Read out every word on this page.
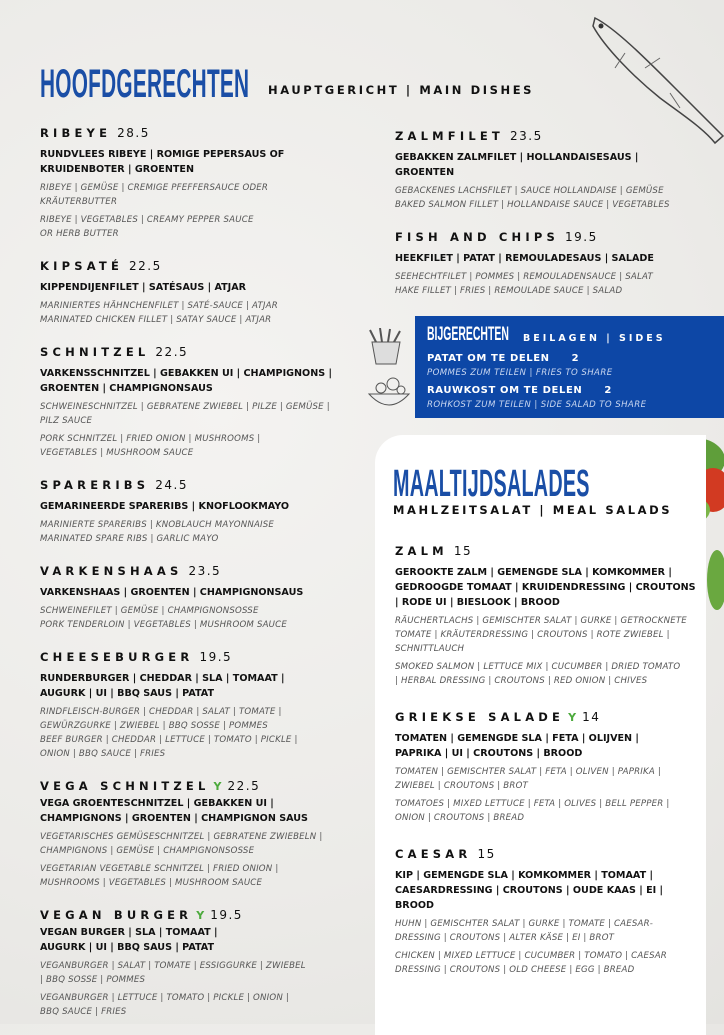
HOOFDGERECHTEN HAUPTGERICHT | MAIN DISHES
RIBEYE 28.5
RUNDVLEES RIBEYE | ROMIGE PEPERSAUS OF KRUIDENBOTER | GROENTEN
RIBEYE | GEMÜSE | CREMIGE PFEFFERSAUCE ODER KRÄUTERBUTTER
RIBEYE | VEGETABLES | CREAMY PEPPER SAUCE OR HERB BUTTER
KIPSATÉ 22.5
KIPPENDIJENFILET | SATÉSAUS | ATJAR
MARINIERTES HÄHNCHENFILET | SATÉ-SAUCE | ATJAR
MARINATED CHICKEN FILLET | SATAY SAUCE | ATJAR
SCHNITZEL 22.5
VARKENSSCHNITZEL | GEBAKKEN UI | CHAMPIGNONS | GROENTEN | CHAMPIGNONSAUS
SCHWEINESCHNITZEL | GEBRATENE ZWIEBEL | PILZE | GEMÜSE | PILZ SAUCE
PORK SCHNITZEL | FRIED ONION | MUSHROOMS | VEGETABLES | MUSHROOM SAUCE
SPARERIBS 24.5
GEMARINEERDE SPARERIBS | KNOFLOOKMAYO
MARINIERTE SPARERIBS | KNOBLAUCH MAYONNAISE
MARINATED SPARE RIBS | GARLIC MAYO
VARKENSHAAS 23.5
VARKENSHAAS | GROENTEN | CHAMPIGNONSAUS
SCHWEINEFILET | GEMÜSE | CHAMPIGNONSOSSE
PORK TENDERLOIN | VEGETABLES | MUSHROOM SAUCE
CHEESEBURGER 19.5
RUNDERBURGER | CHEDDAR | SLA | TOMAAT | AUGURK | UI | BBQ SAUS | PATAT
RINDFLEISCH-BURGER | CHEDDAR | SALAT | TOMATE | GEWÜRZGURKE | ZWIEBEL | BBQ SOSSE | POMMES
BEEF BURGER | CHEDDAR | LETTUCE | TOMATO | PICKLE | ONION | BBQ SAUCE | FRIES
VEGA SCHNITZEL Y 22.5
VEGA GROENTESCHNITZEL | GEBAKKEN UI | CHAMPIGNONS | GROENTEN | CHAMPIGNON SAUS
VEGETARISCHES GEMÜSESCHNITZEL | GEBRATENE ZWIEBELN | CHAMPIGNONS | GEMÜSE | CHAMPIGNONSOSSE
VEGETARIAN VEGETABLE SCHNITZEL | FRIED ONION | MUSHROOMS | VEGETABLES | MUSHROOM SAUCE
VEGAN BURGER Y 19.5
VEGAN BURGER | SLA | TOMAAT | AUGURK | UI | BBQ SAUS | PATAT
VEGANBURGER | SALAT | TOMATE | ESSIGGURKE | ZWIEBEL | BBQ SOSSE | POMMES
VEGANBURGER | LETTUCE | TOMATO | PICKLE | ONION | BBQ SAUCE | FRIES
ZALMFILET 23.5
GEBAKKEN ZALMFILET | HOLLANDAISESAUS | GROENTEN
GEBACKENES LACHSFILET | SAUCE HOLLANDAISE | GEMÜSE
BAKED SALMON FILLET | HOLLANDAISE SAUCE | VEGETABLES
FISH AND CHIPS 19.5
HEEKFILET | PATAT | REMOULADESAUS | SALADE
SEEHECHTFILET | POMMES | REMOULADENSAUCE | SALAT
HAKE FILLET | FRIES | REMOULADE SAUCE | SALAD
BIJGERECHTEN BEILAGEN | SIDES
PATAT OM TE DELEN 2
POMMES ZUM TEILEN | FRIES TO SHARE
RAUWKOST OM TE DELEN 2
ROHKOST ZUM TEILEN | SIDE SALAD TO SHARE
MAALTIJDSALADES
MAHLZEITSALAT | MEAL SALADS
ZALM 15
GEROOKTE ZALM | GEMENGDE SLA | KOMKOMMER | GEDROOGDE TOMAAT | KRUIDENDRESSING | CROUTONS | RODE UI | BIESLOOK | BROOD
RÄUCHERTLACHS | GEMISCHTER SALAT | GURKE | GETROCKNETE TOMATE | KRÄUTERDRESSING | CROUTONS | ROTE ZWIEBEL | SCHNITTLAUCH
SMOKED SALMON | LETTUCE MIX | CUCUMBER | DRIED TOMATO | HERBAL DRESSING | CROUTONS | RED ONION | CHIVES
GRIEKSE SALADE Y 14
TOMATEN | GEMENGDE SLA | FETA | OLIJVEN | PAPRIKA | UI | CROUTONS | BROOD
TOMATEN | GEMISCHTER SALAT | FETA | OLIVEN | PAPRIKA | ZWIEBEL | CROUTONS | BROT
TOMATOES | MIXED LETTUCE | FETA | OLIVES | BELL PEPPER | ONION | CROUTONS | BREAD
CAESAR 15
KIP | GEMENGDE SLA | KOMKOMMER | TOMAAT | CAESARDRESSING | CROUTONS | OUDE KAAS | EI | BROOD
HUHN | GEMISCHTER SALAT | GURKE | TOMATE | CAESAR-DRESSING | CROUTONS | ALTER KÄSE | EI | BROT
CHICKEN | MIXED LETTUCE | CUCUMBER | TOMATO | CAESAR DRESSING | CROUTONS | OLD CHEESE | EGG | BREAD
